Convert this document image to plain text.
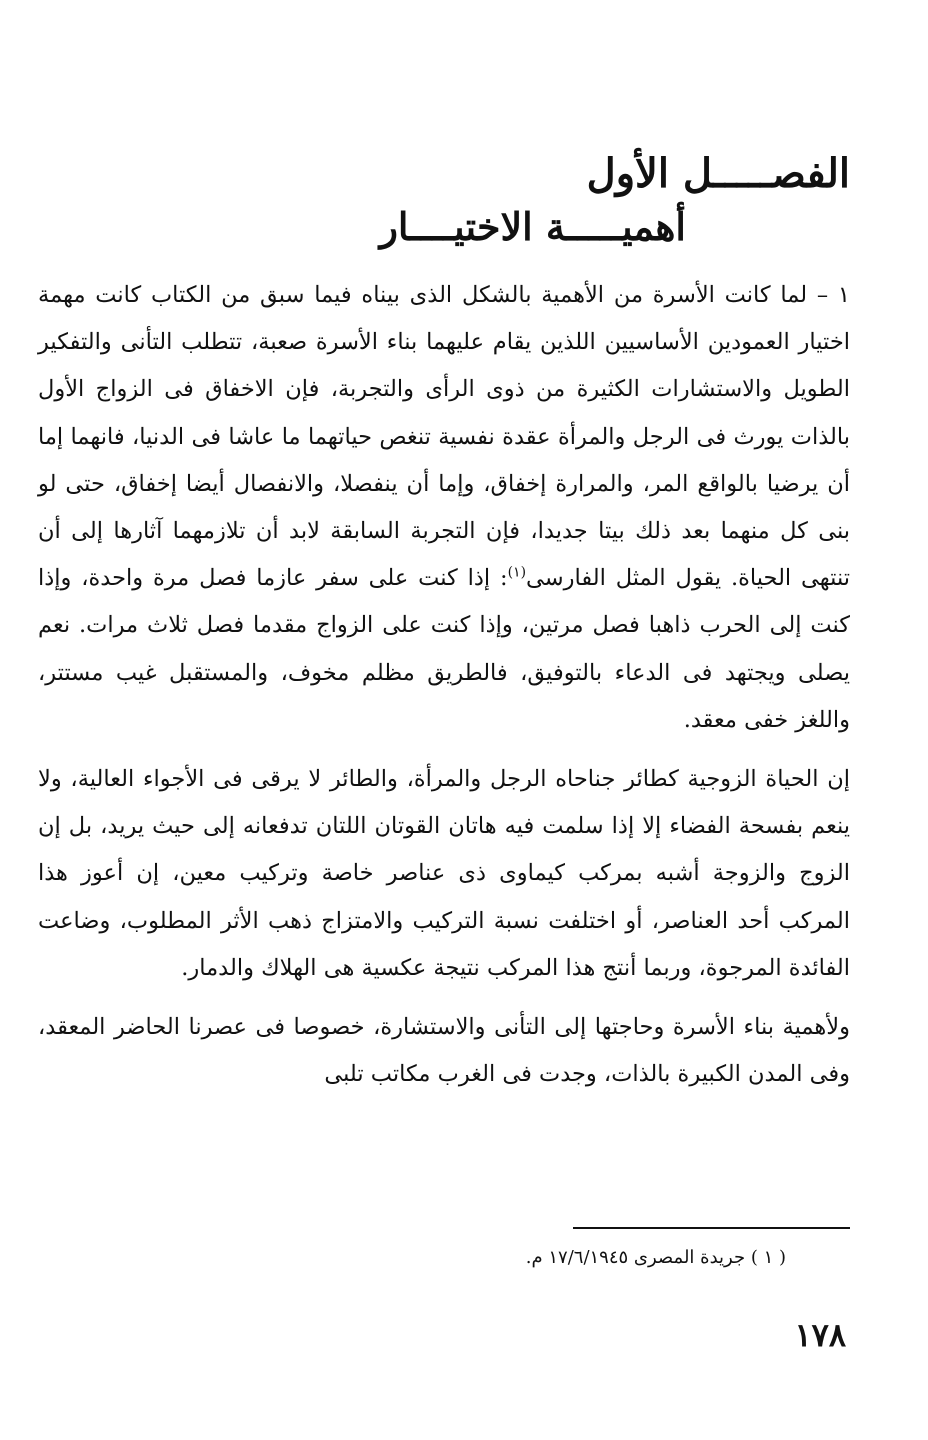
الفصـــــل الأول
أهميـــــة الاختيــــار

١ – لما كانت الأسرة من الأهمية بالشكل الذى بيناه فيما سبق من الكتاب كانت مهمة اختيار العمودين الأساسيين اللذين يقام عليهما بناء الأسرة صعبة، تتطلب التأنى والتفكير الطويل والاستشارات الكثيرة من ذوى الرأى والتجربة، فإن الاخفاق فى الزواج الأول بالذات يورث فى الرجل والمرأة عقدة نفسية تنغص حياتهما ما عاشا فى الدنيا، فانهما إما أن يرضيا بالواقع المر، والمرارة إخفاق، وإما أن ينفصلا، والانفصال أيضا إخفاق، حتى لو بنى كل منهما بعد ذلك بيتا جديدا، فإن التجربة السابقة لابد أن تلازمهما آثارها إلى أن تنتهى الحياة. يقول المثل الفارسى$^{(١)}$: إذا كنت على سفر عازما فصل مرة واحدة، وإذا كنت إلى الحرب ذاهبا فصل مرتين، وإذا كنت على الزواج مقدما فصل ثلاث مرات. نعم يصلى ويجتهد فى الدعاء بالتوفيق، فالطريق مظلم مخوف، والمستقبل غيب مستتر، واللغز خفى معقد.

إن الحياة الزوجية كطائر جناحاه الرجل والمرأة، والطائر لا يرقى فى الأجواء العالية، ولا ينعم بفسحة الفضاء إلا إذا سلمت فيه هاتان القوتان اللتان تدفعانه إلى حيث يريد، بل إن الزوج والزوجة أشبه بمركب كيماوى ذى عناصر خاصة وتركيب معين، إن أعوز هذا المركب أحد العناصر، أو اختلفت نسبة التركيب والامتزاج ذهب الأثر المطلوب، وضاعت الفائدة المرجوة، وربما أنتج هذا المركب نتيجة عكسية هى الهلاك والدمار.

ولأهمية بناء الأسرة وحاجتها إلى التأنى والاستشارة، خصوصا فى عصرنا الحاضر المعقد، وفى المدن الكبيرة بالذات، وجدت فى الغرب مكاتب تلبى

( ١ ) جريدة المصرى ١٧/٦/١٩٤٥ م.

١٧٨
